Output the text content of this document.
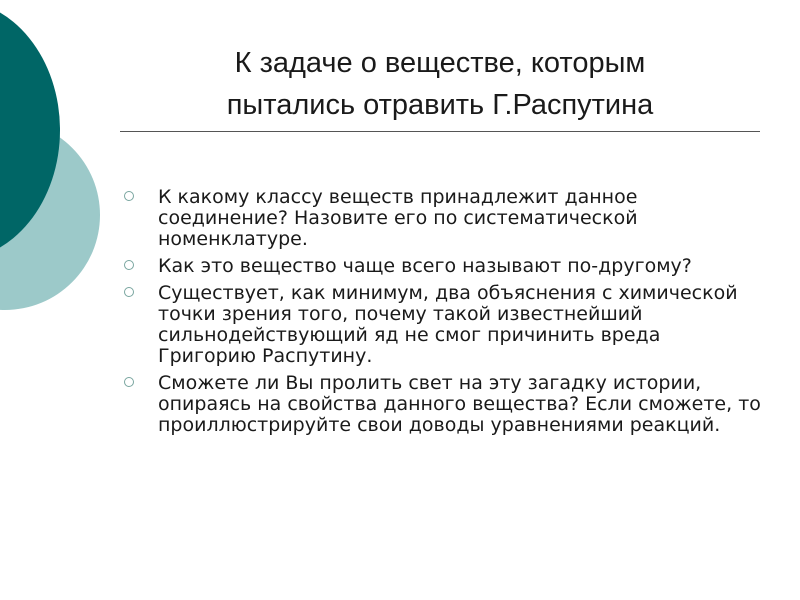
К задаче о веществе, которым
пытались отравить Г.Распутина
К какому классу веществ принадлежит данное соединение? Назовите его по систематической номенклатуре.
Как это вещество чаще всего называют по-другому?
Существует, как минимум, два объяснения с химической точки зрения того, почему такой известнейший сильнодействующий яд не смог причинить вреда Григорию Распутину.
Сможете ли Вы пролить свет на эту загадку истории, опираясь на свойства данного вещества? Если сможете, то проиллюстрируйте свои доводы уравнениями реакций.
